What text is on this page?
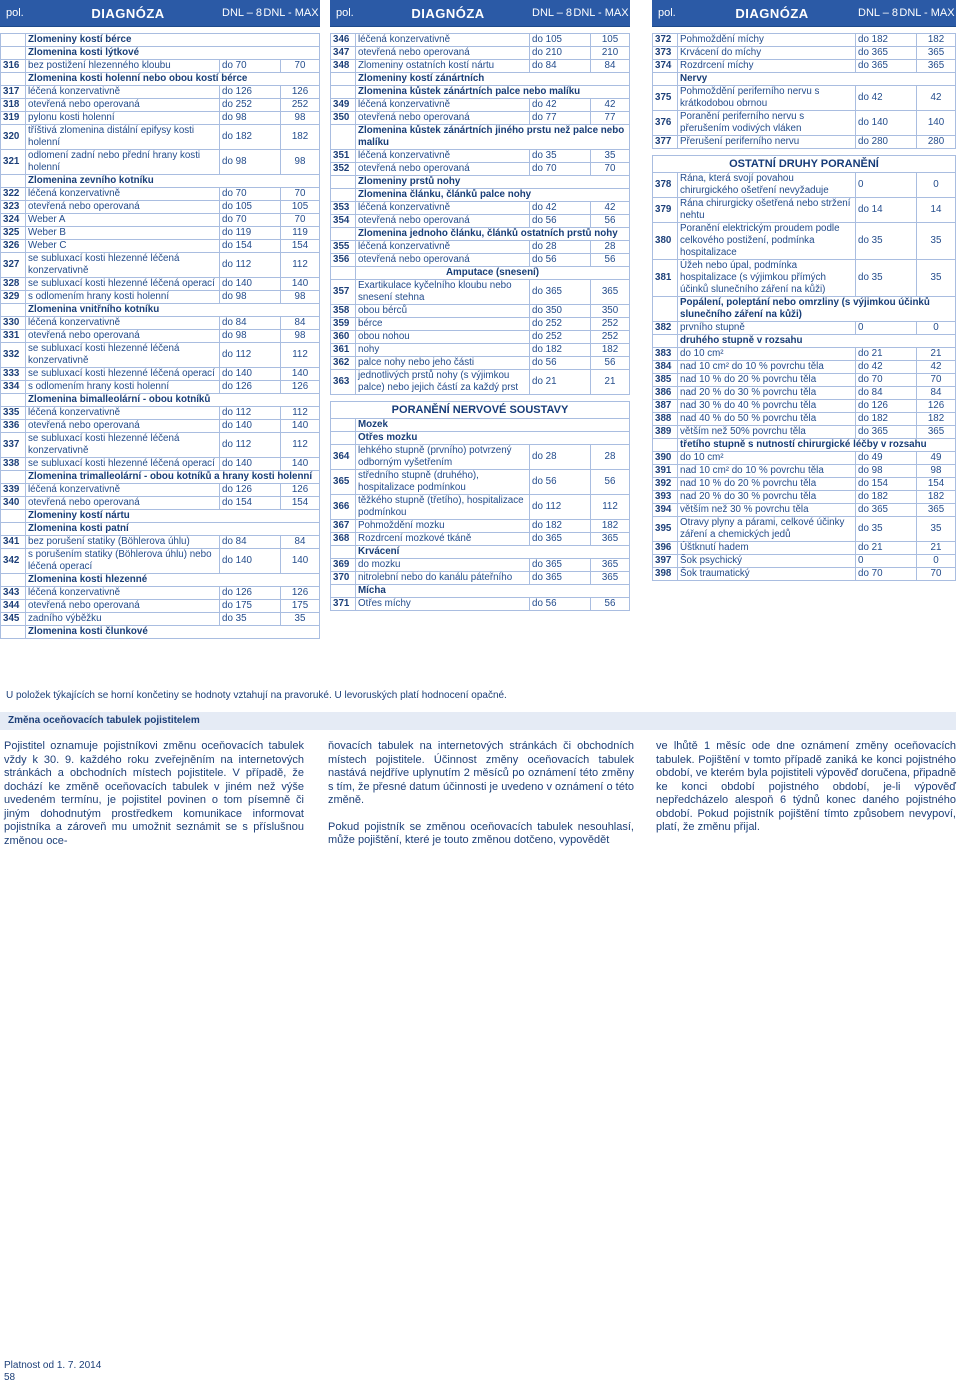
pol.	DIAGNÓZA	DNL – 8 DNL - MAX
	Zlomeniny kostí bérce		
	Zlomenina kosti lýtkové		
316	bez postižení hlezenného kloubu	do 70	70
	Zlomenina kosti holenní nebo obou kostí bérce		
317	léčená konzervativně	do 126	126
318	otevřená nebo operovaná	do 252	252
319	pylonu kosti holenní	do 98	98
320	tříštivá zlomenina distální epifysy kosti holenní	do 182	182
321	odlomení zadní nebo přední hrany kosti holenní	do 98	98
	Zlomenina zevního kotníku		
322	léčená konzervativně	do 70	70
323	otevřená nebo operovaná	do 105	105
324	Weber A	do 70	70
325	Weber B	do 119	119
326	Weber C	do 154	154
327	se subluxací kosti hlezenné léčená konzervativně	do 112	112
328	se subluxací kosti hlezenné léčená operací	do 140	140
329	s odlomením hrany kosti holenní	do 98	98
	Zlomenina vnitřního kotníku		
330	léčená konzervativně	do 84	84
331	otevřená nebo operovaná	do 98	98
332	se subluxací kosti hlezenné léčená konzervativně	do 112	112
333	se subluxací kosti hlezenné léčená operací	do 140	140
334	s odlomením hrany kosti holenní	do 126	126
	Zlomenina bimalleolární - obou kotníků		
335	léčená konzervativně	do 112	112
336	otevřená nebo operovaná	do 140	140
337	se subluxací kosti hlezenné léčená konzervativně	do 112	112
338	se subluxací kosti hlezenné léčená operací	do 140	140
	Zlomenina trimalleolární - obou kotníků a hrany kosti holenní		
339	léčená konzervativně	do 126	126
340	otevřená nebo operovaná	do 154	154
	Zlomeniny kostí nártu		
	Zlomenina kosti patní		
341	bez porušení statiky (Böhlerova úhlu)	do 84	84
342	s porušením statiky (Böhlerova úhlu) nebo léčená operací	do 140	140
	Zlomenina kosti hlezenné		
343	léčená konzervativně	do 126	126
344	otevřená nebo operovaná	do 175	175
345	zadního výběžku	do 35	35
	Zlomenina kosti člunkové		
pol.	DIAGNÓZA	DNL – 8 DNL - MAX
346	léčená konzervativně	do 105	105
347	otevřená nebo operovaná	do 210	210
348	Zlomeniny ostatních kostí nártu	do 84	84
	Zlomeniny kostí zánártních		
	Zlomenina kůstek zánártních palce nebo malíku		
349	léčená konzervativně	do 42	42
350	otevřená nebo operovaná	do 77	77
	Zlomenina kůstek zánártních jiného prstu než palce nebo malíku		
351	léčená konzervativně	do 35	35
352	otevřená nebo operovaná	do 70	70
	Zlomeniny prstů nohy		
	Zlomenina článku, článků palce nohy		
353	léčená konzervativně	do 42	42
354	otevřená nebo operovaná	do 56	56
	Zlomenina jednoho článku, článků ostatních prstů nohy		
355	léčená konzervativně	do 28	28
356	otevřená nebo operovaná	do 56	56
	Amputace (snesení)		
357	Exartikulace kyčelního kloubu nebo snesení stehna	do 365	365
358	obou bérců	do 350	350
359	bérce	do 252	252
360	obou nohou	do 252	252
361	nohy	do 182	182
362	palce nohy nebo jeho části	do 56	56
363	jednotlivých prstů nohy (s výjimkou palce) nebo jejich částí za každý prst	do 21	21

PORANĚNÍ NERVOVÉ SOUSTAVY			
	Mozek		
	Otřes mozku		
364	lehkého stupně (prvního) potvrzený odborným vyšetřením	do 28	28
365	středního stupně (druhého), hospitalizace podmínkou	do 56	56
366	těžkého stupně (třetího), hospitalizace podmínkou	do 112	112
367	Pohmoždění mozku	do 182	182
368	Rozdrcení mozkové tkáně	do 365	365
	Krvácení		
369	do mozku	do 365	365
370	nitrolební nebo do kanálu páteřního	do 365	365
	Mícha		
371	Otřes míchy	do 56	56
pol.	DIAGNÓZA	DNL – 8 DNL - MAX
372	Pohmoždění míchy	do 182	182
373	Krvácení do míchy	do 365	365
374	Rozdrcení míchy	do 365	365
	Nervy		
375	Pohmoždění periferního nervu s krátkodobou obrnou	do 42	42
376	Poranění periferního nervu s přerušením vodivých vláken	do 140	140
377	Přerušení periferního nervu	do 280	280

OSTATNÍ DRUHY PORANĚNÍ			
378	Rána, která svojí povahou chirurgického ošetření nevyžaduje	0	0
379	Rána chirurgicky ošetřená nebo stržení nehtu	do 14	14
380	Poranění elektrickým proudem podle celkového postižení, podmínka hospitalizace	do 35	35
381	Úžeh nebo úpal, podmínka hospitalizace (s výjimkou přímých účinků slunečního záření na kůži)	do 35	35
	Popálení, poleptání nebo omrzliny (s výjimkou účinků slunečního záření na kůži)		
382	prvního stupně	0	0
	druhého stupně v rozsahu		
383	do 10 cm²	do 21	21
384	nad 10 cm² do 10 % povrchu těla	do 42	42
385	nad 10 % do 20 % povrchu těla	do 70	70
386	nad 20 % do 30 % povrchu těla	do 84	84
387	nad 30 % do 40 % povrchu těla	do 126	126
388	nad 40 % do 50 % povrchu těla	do 182	182
389	větším než 50% povrchu těla	do 365	365
	třetího stupně s nutností chirurgické léčby v rozsahu		
390	do 10 cm²	do 49	49
391	nad 10 cm² do 10 % povrchu těla	do 98	98
392	nad 10 % do 20 % povrchu těla	do 154	154
393	nad 20 % do 30 % povrchu těla	do 182	182
394	větším než 30 % povrchu těla	do 365	365
395	Otravy plyny a párami, celkové účinky záření a chemických jedů	do 35	35
396	Úštknutí hadem	do 21	21
397	Šok psychický	0	0
398	Šok traumatický	do 70	70
U položek týkajících se horní končetiny se hodnoty vztahují na pravoruké. U levoruských platí hodnocení opačné.
Změna oceňovacích tabulek pojistitelem
Pojistitel oznamuje pojistníkovi změnu oceňovacích tabulek vždy k 30. 9. každého roku zveřejněním na internetových stránkách a obchodních místech pojistitele. V případě, že dochází ke změně oceňovacích tabulek v jiném než výše uvedeném termínu, je pojistitel povinen o tom písemně či jiným dohodnutým prostředkem komunikace informovat pojistníka a zároveň mu umožnit seznámit se s příslušnou změnou oce-
ňovacích tabulek na internetových stránkách či obchodních místech pojistitele. Účinnost změny oceňovacích tabulek nastává nejdříve uplynutím 2 měsíců po oznámení této změny s tím, že přesné datum účinnosti je uvedeno v oznámení o této změně.
Pokud pojistník se změnou oceňovacích tabulek nesouhlasí, může pojištění, které je touto změnou dotčeno, vypovědět
ve lhůtě 1 měsíc ode dne oznámení změny oceňovacích tabulek. Pojištění v tomto případě zaniká ke konci pojistného období, ve kterém byla pojistiteli výpověď doručena, připadně ke konci období pojistného období, je-li výpověď nepředcházelo alespoň 6 týdnů konec daného pojistného období. Pokud pojistník pojištění tímto způsobem nevypoví, platí, že změnu přijal.
Platnost od 1. 7. 2014
58
